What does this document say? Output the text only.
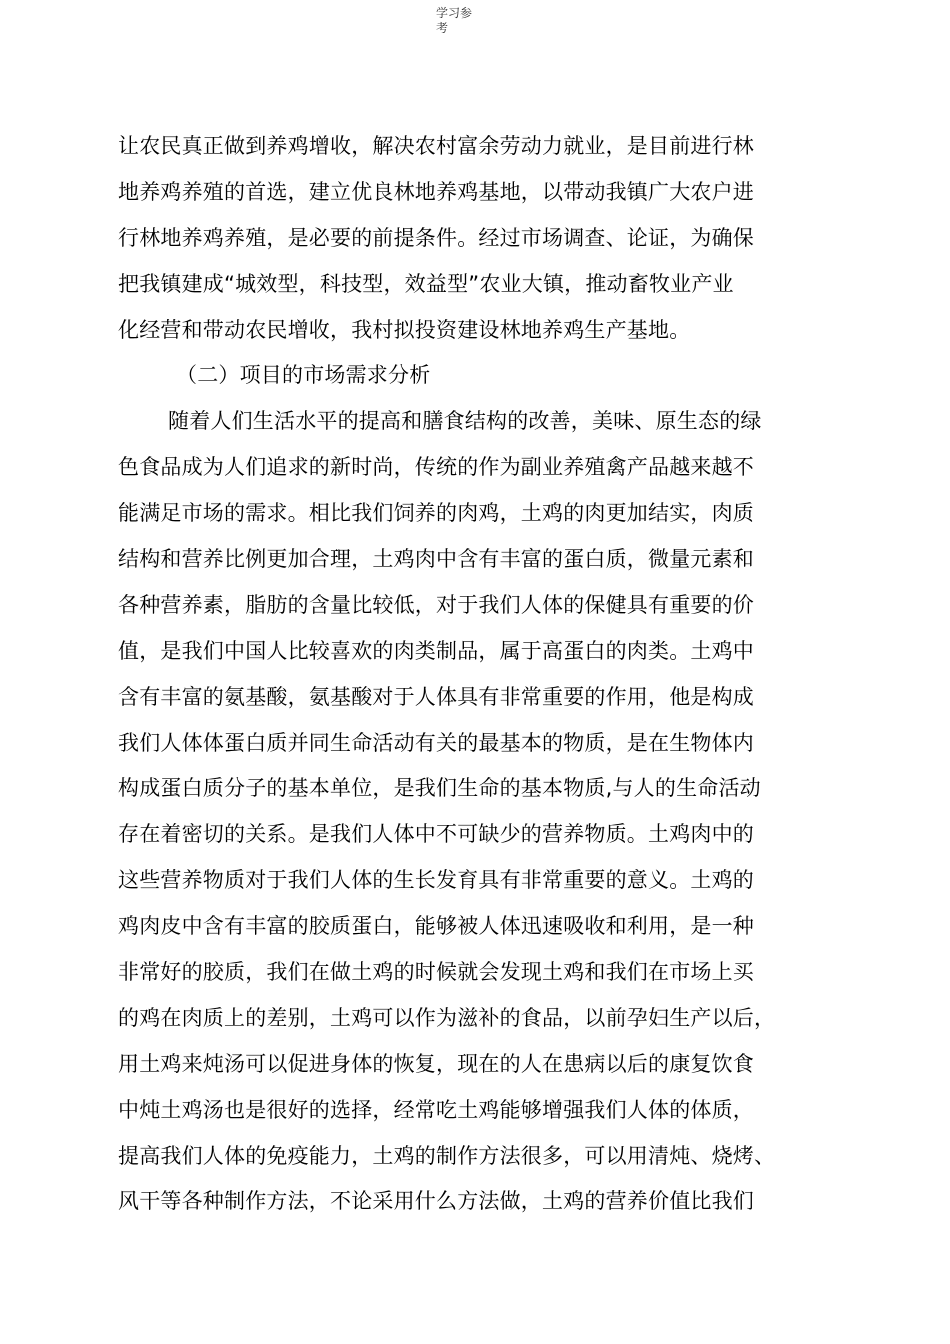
学习参
考
让农民真正做到养鸡增收，解决农村富余劳动力就业，是目前进行林
地养鸡养殖的首选，建立优良林地养鸡基地，以带动我镇广大农户进
行林地养鸡养殖，是必要的前提条件。经过市场调查、论证，为确保
把我镇建成“城效型，科技型，效益型”农业大镇，推动畜牧业产业
化经营和带动农民增收，我村拟投资建设林地养鸡生产基地。
（二）项目的市场需求分析
随着人们生活水平的提高和膳食结构的改善，美味、原生态的绿
色食品成为人们追求的新时尚，传统的作为副业养殖禽产品越来越不
能满足市场的需求。相比我们饲养的肉鸡，土鸡的肉更加结实，肉质
结构和营养比例更加合理，土鸡肉中含有丰富的蛋白质，微量元素和
各种营养素，脂肪的含量比较低，对于我们人体的保健具有重要的价
值，是我们中国人比较喜欢的肉类制品，属于高蛋白的肉类。土鸡中
含有丰富的氨基酸，氨基酸对于人体具有非常重要的作用，他是构成
我们人体体蛋白质并同生命活动有关的最基本的物质，是在生物体内
构成蛋白质分子的基本单位，是我们生命的基本物质,与人的生命活动
存在着密切的关系。是我们人体中不可缺少的营养物质。土鸡肉中的
这些营养物质对于我们人体的生长发育具有非常重要的意义。土鸡的
鸡肉皮中含有丰富的胶质蛋白，能够被人体迅速吸收和利用，是一种
非常好的胶质，我们在做土鸡的时候就会发现土鸡和我们在市场上买
的鸡在肉质上的差别，土鸡可以作为滋补的食品，以前孕妇生产以后，
用土鸡来炖汤可以促进身体的恢复，现在的人在患病以后的康复饮食
中炖土鸡汤也是很好的选择，经常吃土鸡能够增强我们人体的体质，
提高我们人体的免疫能力，土鸡的制作方法很多，可以用清炖、烧烤、
风干等各种制作方法，不论采用什么方法做，土鸡的营养价值比我们
